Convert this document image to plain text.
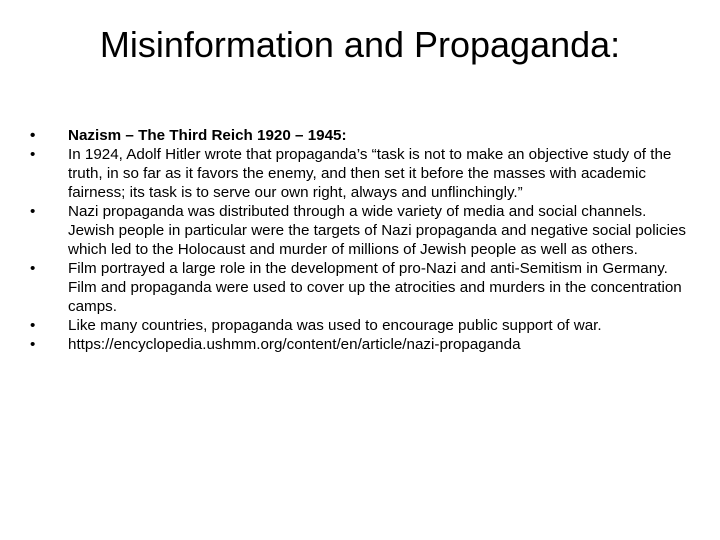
Misinformation and Propaganda:
• Nazism – The Third Reich 1920 – 1945:
• In 1924, Adolf Hitler wrote that propaganda’s “task is not to make an objective study of the truth, in so far as it favors the enemy, and then set it before the masses with academic fairness; its task is to serve our own right, always and unflinchingly.”
• Nazi propaganda was distributed through a wide variety of media and social channels. Jewish people in particular were the targets of Nazi propaganda and negative social policies which led to the Holocaust and murder of millions of Jewish people as well as others.
• Film portrayed a large role in the development of pro-Nazi and anti-Semitism in Germany. Film and propaganda were used to cover up the atrocities and murders in the concentration camps.
• Like many countries, propaganda was used to encourage public support of war.
• https://encyclopedia.ushmm.org/content/en/article/nazi-propaganda
